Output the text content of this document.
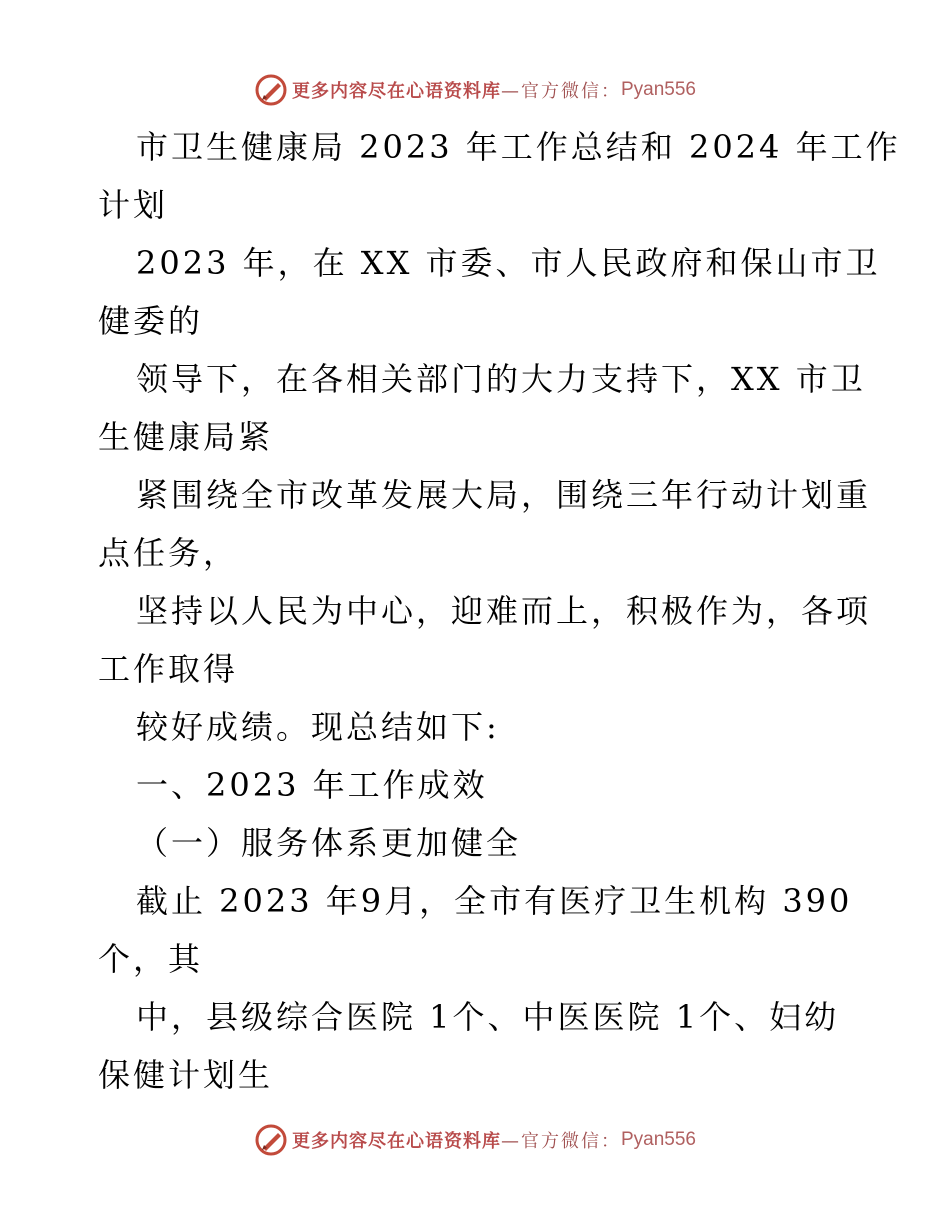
更多内容尽在心语资料库 —官方微信： Pyan556

市卫生健康局 2023 年工作总结和 2024 年工作
计划

2023 年，在 XX 市委、市人民政府和保山市卫
健委的

领导下，在各相关部门的大力支持下，XX 市卫
生健康局紧

紧围绕全市改革发展大局，围绕三年行动计划重
点任务，

坚持以人民为中心，迎难而上，积极作为，各项
工作取得

较好成绩。现总结如下:

一、2023 年工作成效

（一）服务体系更加健全

截止 2023 年9月，全市有医疗卫生机构 390
个，其

中，县级综合医院 1个、中医医院 1个、妇幼
保健计划生

更多内容尽在心语资料库 —官方微信： Pyan556
